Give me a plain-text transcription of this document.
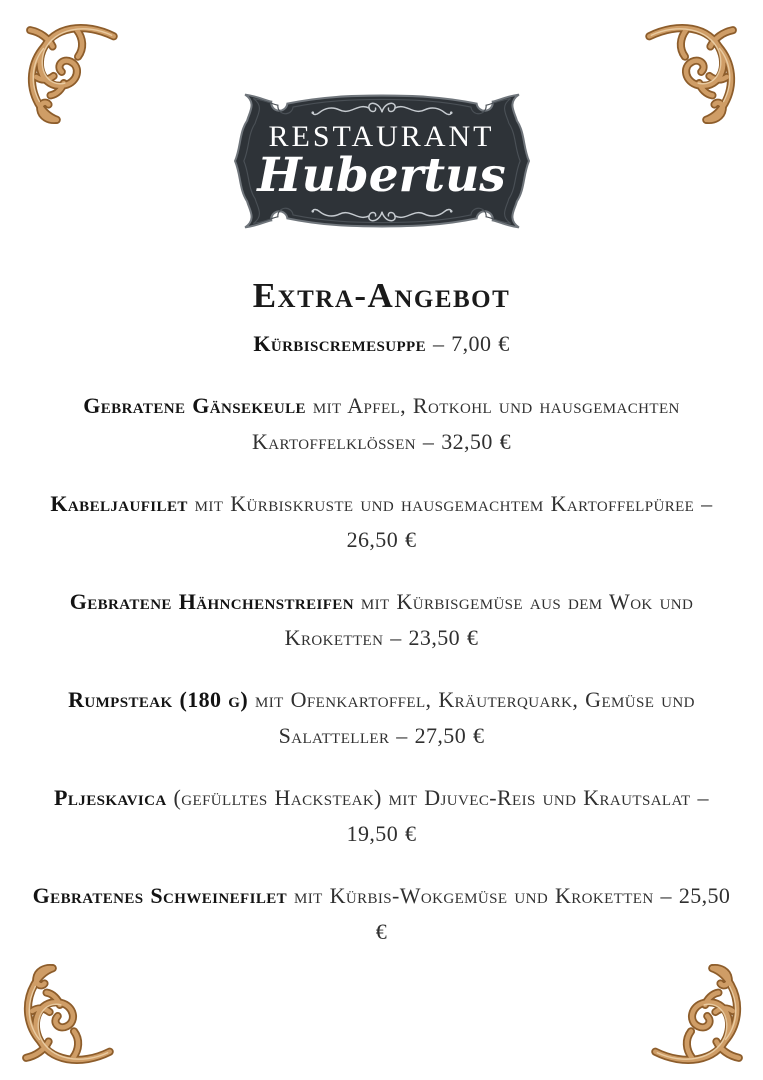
RESTAURANT
Hubertus
Extra-Angebot

Kürbiscremesuppe – 7,00 €

Gebratene Gänsekeule mit Apfel, Rotkohl und hausgemachten Kartoffelklößen – 32,50 €

Kabeljaufilet mit Kürbiskruste und hausgemachtem Kartoffelpüree – 26,50 €

Gebratene Hähnchenstreifen mit Kürbisgemüse aus dem Wok und Kroketten – 23,50 €

Rumpsteak (180 g) mit Ofenkartoffel, Kräuterquark, Gemüse und Salatteller – 27,50 €

Pljeskavica (gefülltes Hacksteak) mit Djuvec-Reis und Krautsalat – 19,50 €

Gebratenes Schweinefilet mit Kürbis-Wokgemüse und Kroketten – 25,50 €
